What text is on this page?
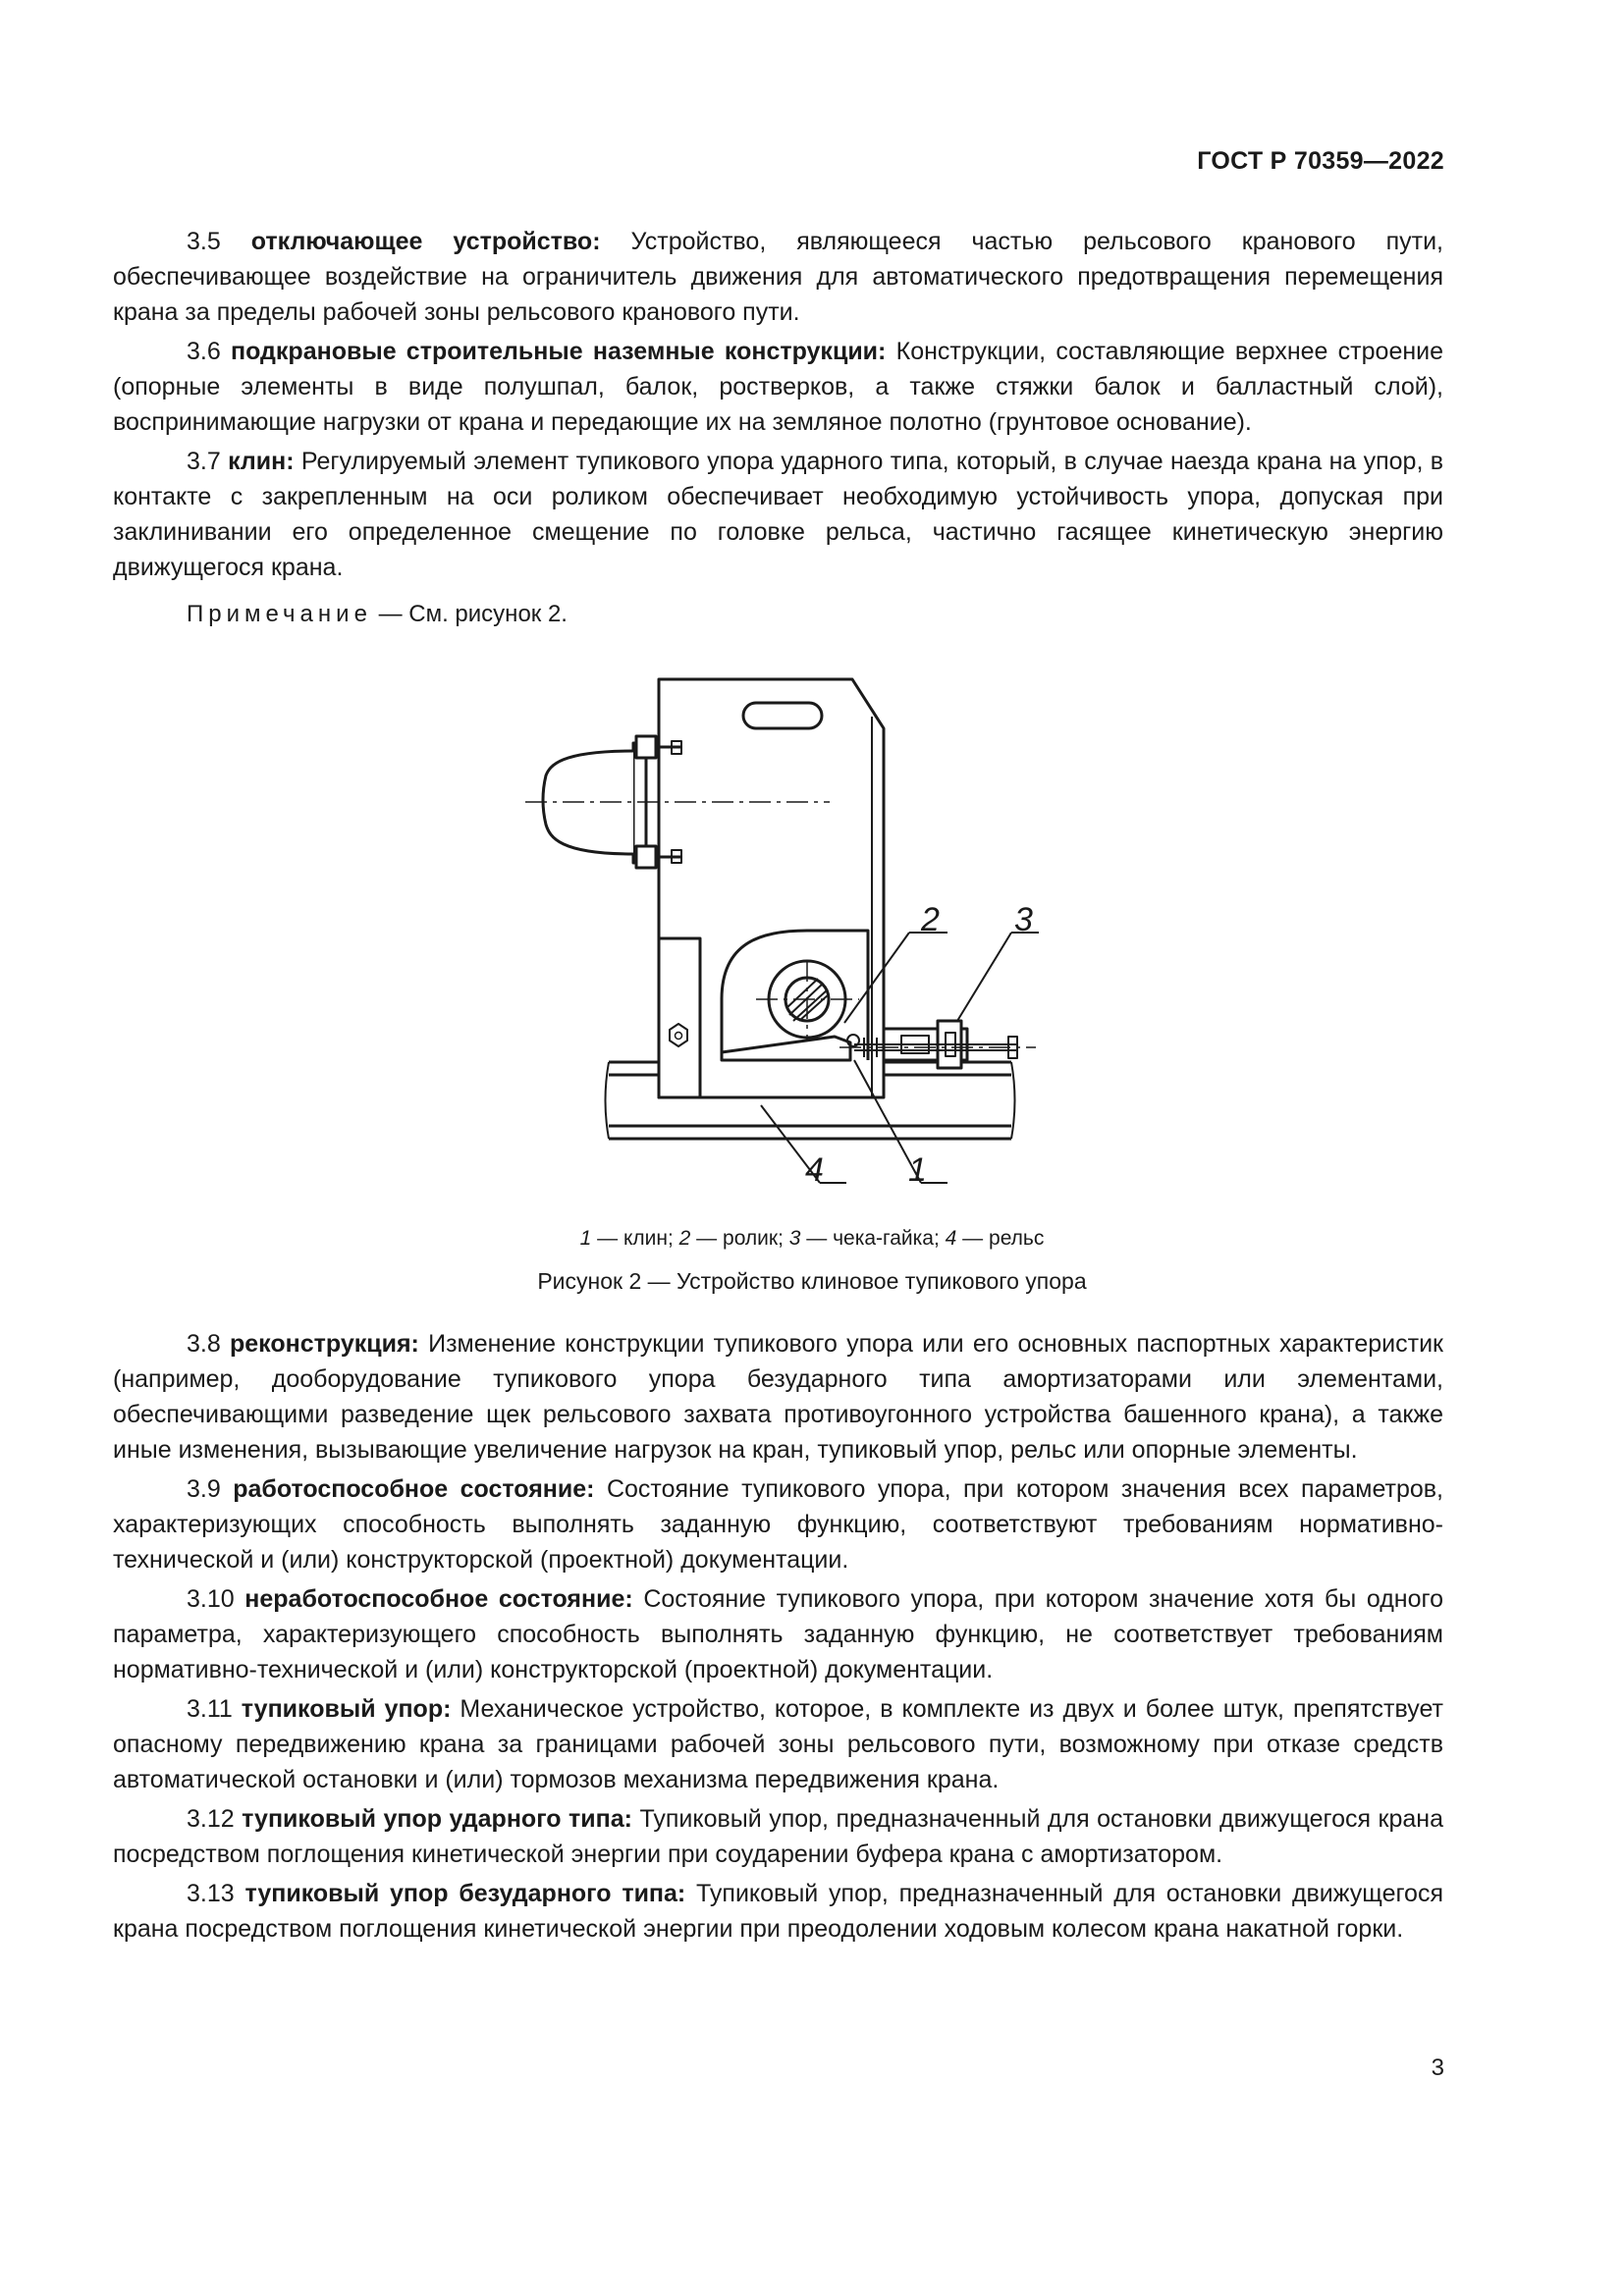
ГОСТ Р 70359—2022

3.5 отключающее устройство: Устройство, являющееся частью рельсового кранового пути, обеспечивающее воздействие на ограничитель движения для автоматического предотвращения перемещения крана за пределы рабочей зоны рельсового кранового пути.

3.6 подкрановые строительные наземные конструкции: Конструкции, составляющие верхнее строение (опорные элементы в виде полушпал, балок, ростверков, а также стяжки балок и балластный слой), воспринимающие нагрузки от крана и передающие их на земляное полотно (грунтовое основание).

3.7 клин: Регулируемый элемент тупикового упора ударного типа, который, в случае наезда крана на упор, в контакте с закрепленным на оси роликом обеспечивает необходимую устойчивость упора, допуская при заклинивании его определенное смещение по головке рельса, частично гасящее кинетическую энергию движущегося крана.

Примечание — См. рисунок 2.
2 3
4	1
1 — клин; 2 — ролик; 3 — чека-гайка; 4 — рельс
Рисунок 2 — Устройство клиновое тупикового упора

3.8 реконструкция: Изменение конструкции тупикового упора или его основных паспортных характеристик (например, дооборудование тупикового упора безударного типа амортизаторами или элементами, обеспечивающими разведение щек рельсового захвата противоугонного устройства башенного крана), а также иные изменения, вызывающие увеличение нагрузок на кран, тупиковый упор, рельс или опорные элементы.

3.9 работоспособное состояние: Состояние тупикового упора, при котором значения всех параметров, характеризующих способность выполнять заданную функцию, соответствуют требованиям нормативно-технической и (или) конструкторской (проектной) документации.

3.10 неработоспособное состояние: Состояние тупикового упора, при котором значение хотя бы одного параметра, характеризующего способность выполнять заданную функцию, не соответствует требованиям нормативно-технической и (или) конструкторской (проектной) документации.

3.11 тупиковый упор: Механическое устройство, которое, в комплекте из двух и более штук, препятствует опасному передвижению крана за границами рабочей зоны рельсового пути, возможному при отказе средств автоматической остановки и (или) тормозов механизма передвижения крана.

3.12 тупиковый упор ударного типа: Тупиковый упор, предназначенный для остановки движущегося крана посредством поглощения кинетической энергии при соударении буфера крана с амортизатором.

3.13 тупиковый упор безударного типа: Тупиковый упор, предназначенный для остановки движущегося крана посредством поглощения кинетической энергии при преодолении ходовым колесом крана накатной горки.

3
